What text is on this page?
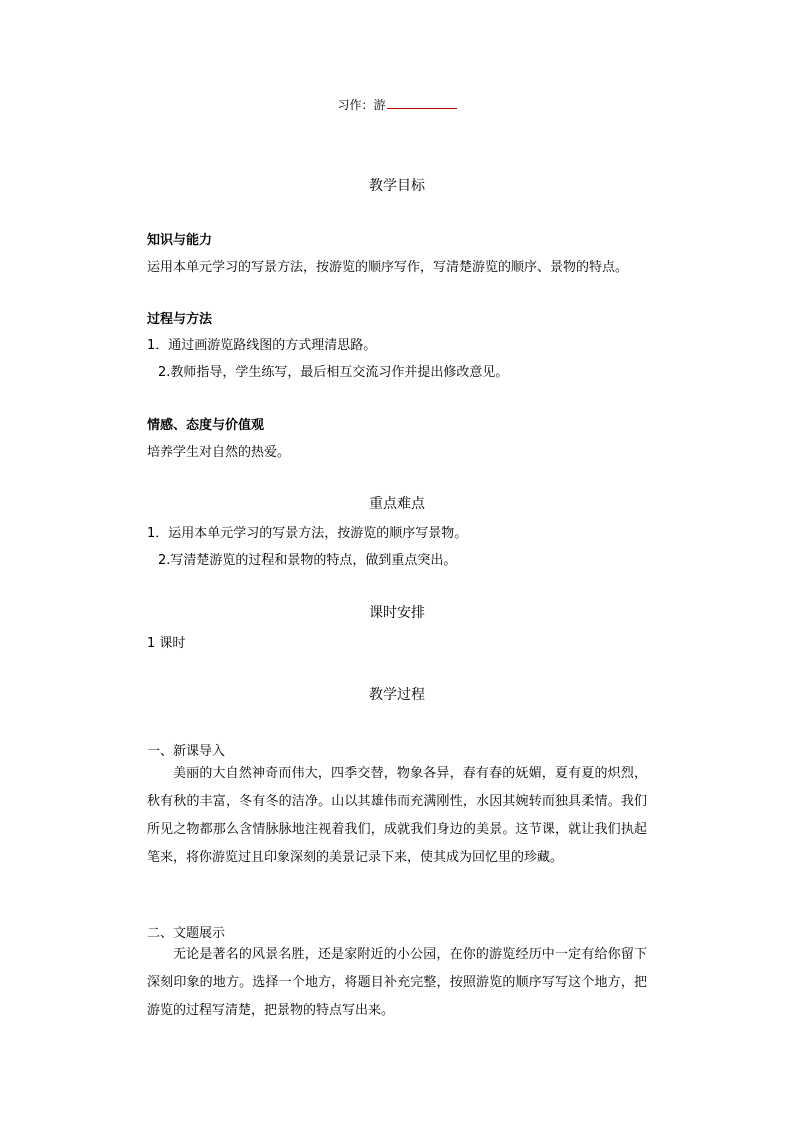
习作：游
教学目标
知识与能力
运用本单元学习的写景方法，按游览的顺序写作，写清楚游览的顺序、景物的特点。
过程与方法
1．通过画游览路线图的方式理清思路。
2.教师指导，学生练写，最后相互交流习作并提出修改意见。
情感、态度与价值观
培养学生对自然的热爱。
重点难点
1．运用本单元学习的写景方法，按游览的顺序写景物。
2.写清楚游览的过程和景物的特点，做到重点突出。
课时安排
1 课时
教学过程
一、新课导入
美丽的大自然神奇而伟大，四季交替，物象各异，春有春的妩媚，夏有夏的炽烈，秋有秋的丰富，冬有冬的洁净。山以其雄伟而充满刚性，水因其婉转而独具柔情。我们所见之物都那么含情脉脉地注视着我们，成就我们身边的美景。这节课，就让我们执起笔来，将你游览过且印象深刻的美景记录下来，使其成为回忆里的珍藏。
二、文题展示
无论是著名的风景名胜，还是家附近的小公园，在你的游览经历中一定有给你留下深刻印象的地方。选择一个地方，将题目补充完整，按照游览的顺序写写这个地方，把游览的过程写清楚，把景物的特点写出来。
